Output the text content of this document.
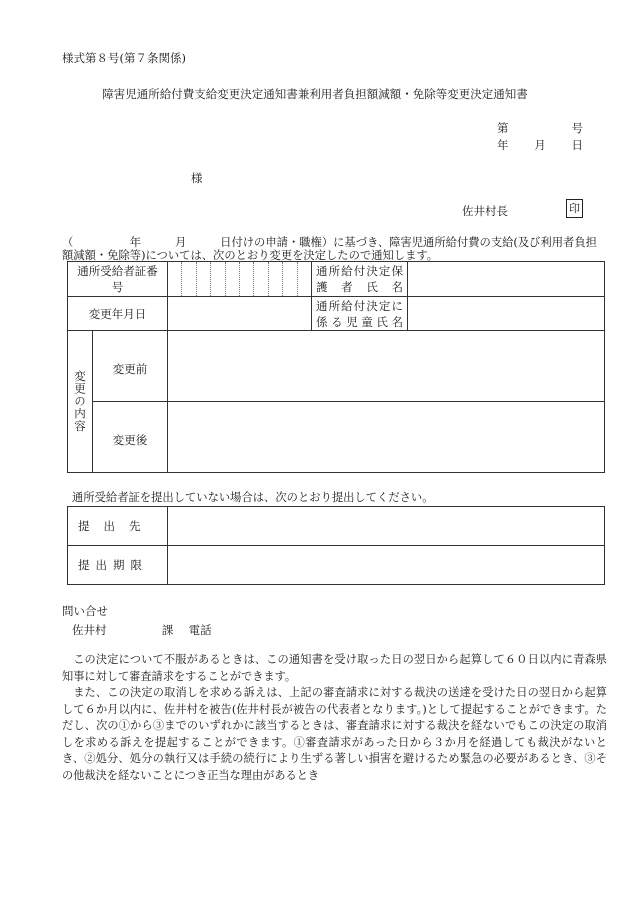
様式第８号(第７条関係)
障害児通所給付費支給変更決定通知書兼利用者負担額減額・免除等変更決定通知書
第	号
年 月 日
様
佐井村長	印
（　　　　　年　　　月　　　日付けの申請・職権）に基づき、障害児通所給付費の支給(及び利用者負担額減額・免除等)については、次のとおり変更を決定したので通知します。
通所受給者証番号			通所給付決定保護者氏名	
変更年月日			通所給付決定に係る児童氏名	
変更の内容	変更前			
	変更後			
通所受給者証を提出していない場合は、次のとおり提出してください。
提出先	
提出期限	
問い合せ
佐井村	課 電話

この決定について不服があるときは、この通知書を受け取った日の翌日から起算して６０日以内に青森県知事に対して審査請求をすることができます。

また、この決定の取消しを求める訴えは、上記の審査請求に対する裁決の送達を受けた日の翌日から起算して６か月以内に、佐井村を被告(佐井村長が被告の代表者となります。)として提起することができます。ただし、次の①から③までのいずれかに該当するときは、審査請求に対する裁決を経ないでもこの決定の取消しを求める訴えを提起することができます。①審査請求があった日から３か月を経過しても裁決がないとき、②処分、処分の執行又は手続の続行により生ずる著しい損害を避けるため緊急の必要があるとき、③その他裁決を経ないことにつき正当な理由があるとき
